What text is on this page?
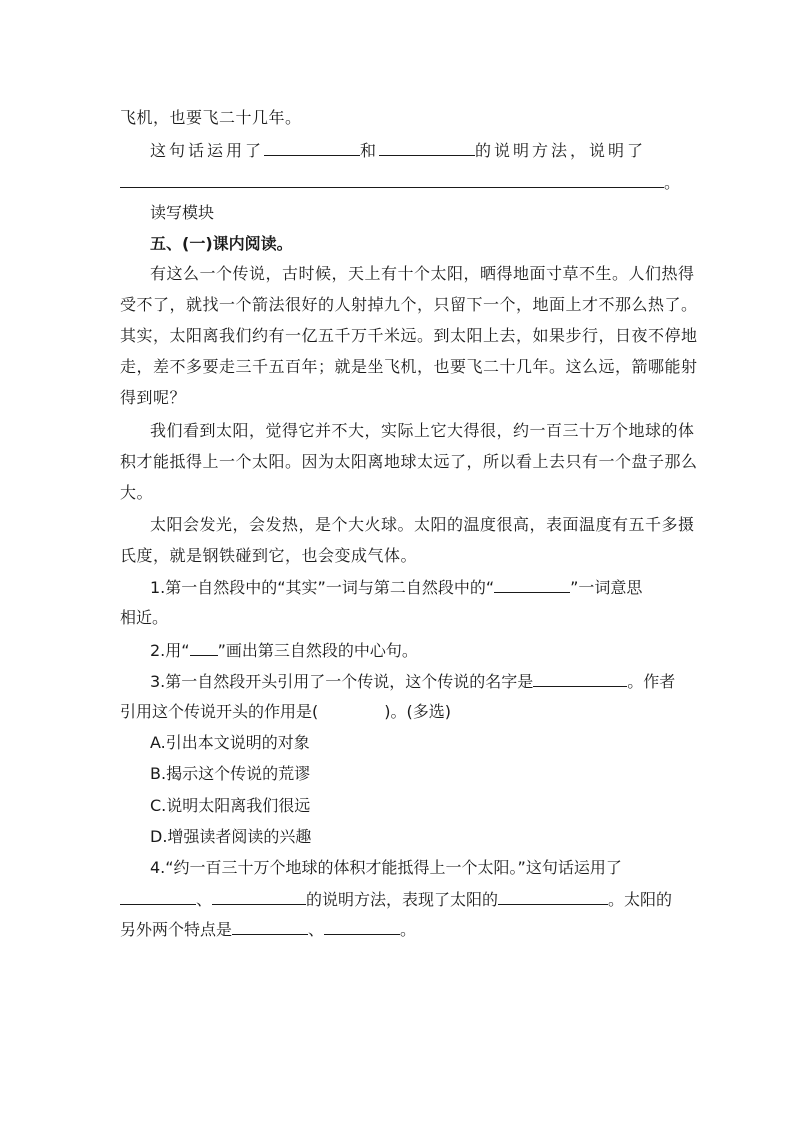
飞机，也要飞二十几年。
这句话运用了	和	的说明方法，说明了
。
读写模块
五、(一)课内阅读。
有这么一个传说，古时候，天上有十个太阳，晒得地面寸草不生。人们热得
受不了，就找一个箭法很好的人射掉九个，只留下一个，地面上才不那么热了。
其实，太阳离我们约有一亿五千万千米远。到太阳上去，如果步行，日夜不停地
走，差不多要走三千五百年；就是坐飞机，也要飞二十几年。这么远，箭哪能射
得到呢？
我们看到太阳，觉得它并不大，实际上它大得很，约一百三十万个地球的体
积才能抵得上一个太阳。因为太阳离地球太远了，所以看上去只有一个盘子那么
大。
太阳会发光，会发热，是个大火球。太阳的温度很高，表面温度有五千多摄
氏度，就是钢铁碰到它，也会变成气体。
1.第一自然段中的“其实”一词与第二自然段中的“	”一词意思
相近。
2.用“ ”画出第三自然段的中心句。
3.第一自然段开头引用了一个传说，这个传说的名字是	。作者
引用这个传说开头的作用是(	)。(多选)
A.引出本文说明的对象
B.揭示这个传说的荒谬
C.说明太阳离我们很远
D.增强读者阅读的兴趣
4.“约一百三十万个地球的体积才能抵得上一个太阳。”这句话运用了
、	的说明方法，表现了太阳的	。太阳的
另外两个特点是	、	。
